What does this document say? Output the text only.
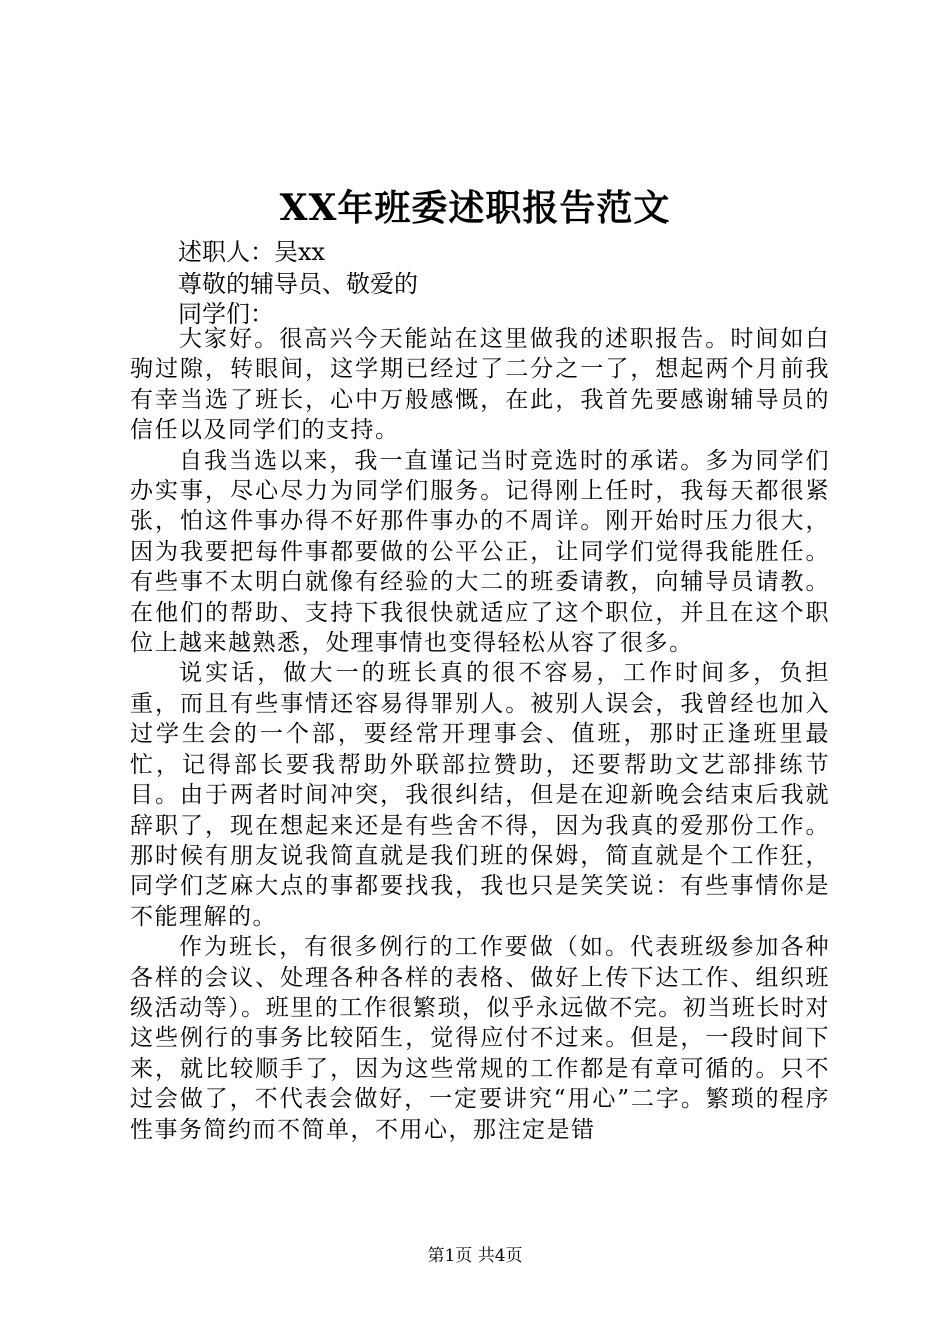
XX年班委述职报告范文
述职人：吴xx
尊敬的辅导员、敬爱的
同学们：

大家好。很高兴今天能站在这里做我的述职报告。时间如白驹过隙，转眼间，这学期已经过了二分之一了，想起两个月前我有幸当选了班长，心中万般感慨，在此，我首先要感谢辅导员的信任以及同学们的支持。

自我当选以来，我一直谨记当时竞选时的承诺。多为同学们办实事，尽心尽力为同学们服务。记得刚上任时，我每天都很紧张，怕这件事办得不好那件事办的不周详。刚开始时压力很大，因为我要把每件事都要做的公平公正，让同学们觉得我能胜任。有些事不太明白就像有经验的大二的班委请教，向辅导员请教。在他们的帮助、支持下我很快就适应了这个职位，并且在这个职位上越来越熟悉，处理事情也变得轻松从容了很多。

说实话，做大一的班长真的很不容易，工作时间多，负担重，而且有些事情还容易得罪别人。被别人误会，我曾经也加入过学生会的一个部，要经常开理事会、值班，那时正逢班里最忙，记得部长要我帮助外联部拉赞助，还要帮助文艺部排练节目。由于两者时间冲突，我很纠结，但是在迎新晚会结束后我就辞职了，现在想起来还是有些舍不得，因为我真的爱那份工作。那时候有朋友说我简直就是我们班的保姆，简直就是个工作狂，同学们芝麻大点的事都要找我，我也只是笑笑说：有些事情你是不能理解的。

作为班长，有很多例行的工作要做（如。代表班级参加各种各样的会议、处理各种各样的表格、做好上传下达工作、组织班级活动等）。班里的工作很繁琐，似乎永远做不完。初当班长时对这些例行的事务比较陌生，觉得应付不过来。但是，一段时间下来，就比较顺手了，因为这些常规的工作都是有章可循的。只不过会做了，不代表会做好，一定要讲究“用心”二字。繁琐的程序性事务简约而不简单，不用心，那注定是错

第1页 共4页
